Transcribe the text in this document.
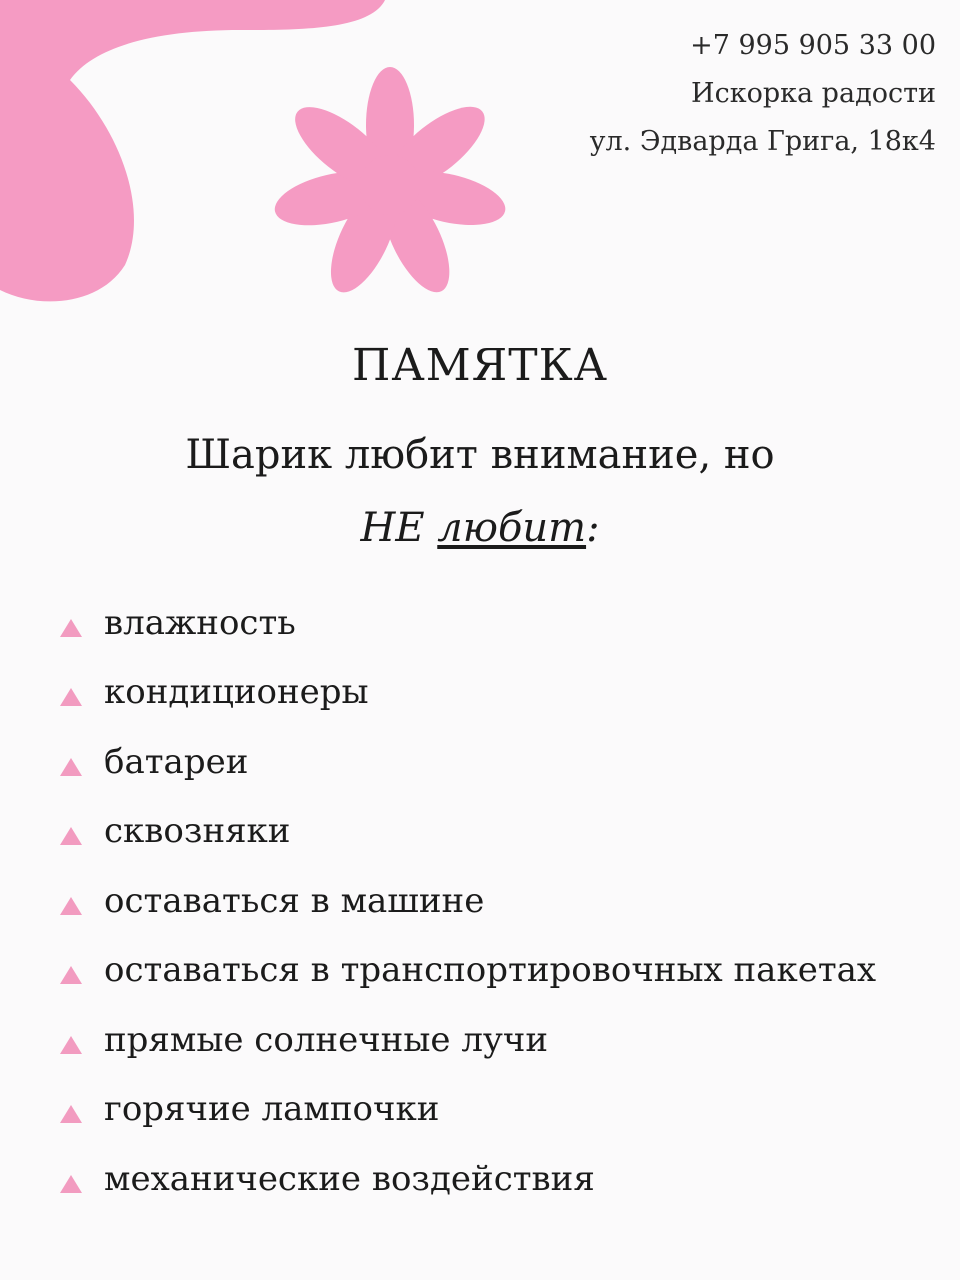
+7 995 905 33 00
Искорка радости
ул. Эдварда Грига, 18к4
ПАМЯТКА
Шарик любит внимание, но
НЕ любит:
влажность
кондиционеры
батареи
сквозняки
оставаться в машине
оставаться в транспортировочных пакетах
прямые солнечные лучи
горячие лампочки
механические воздействия
